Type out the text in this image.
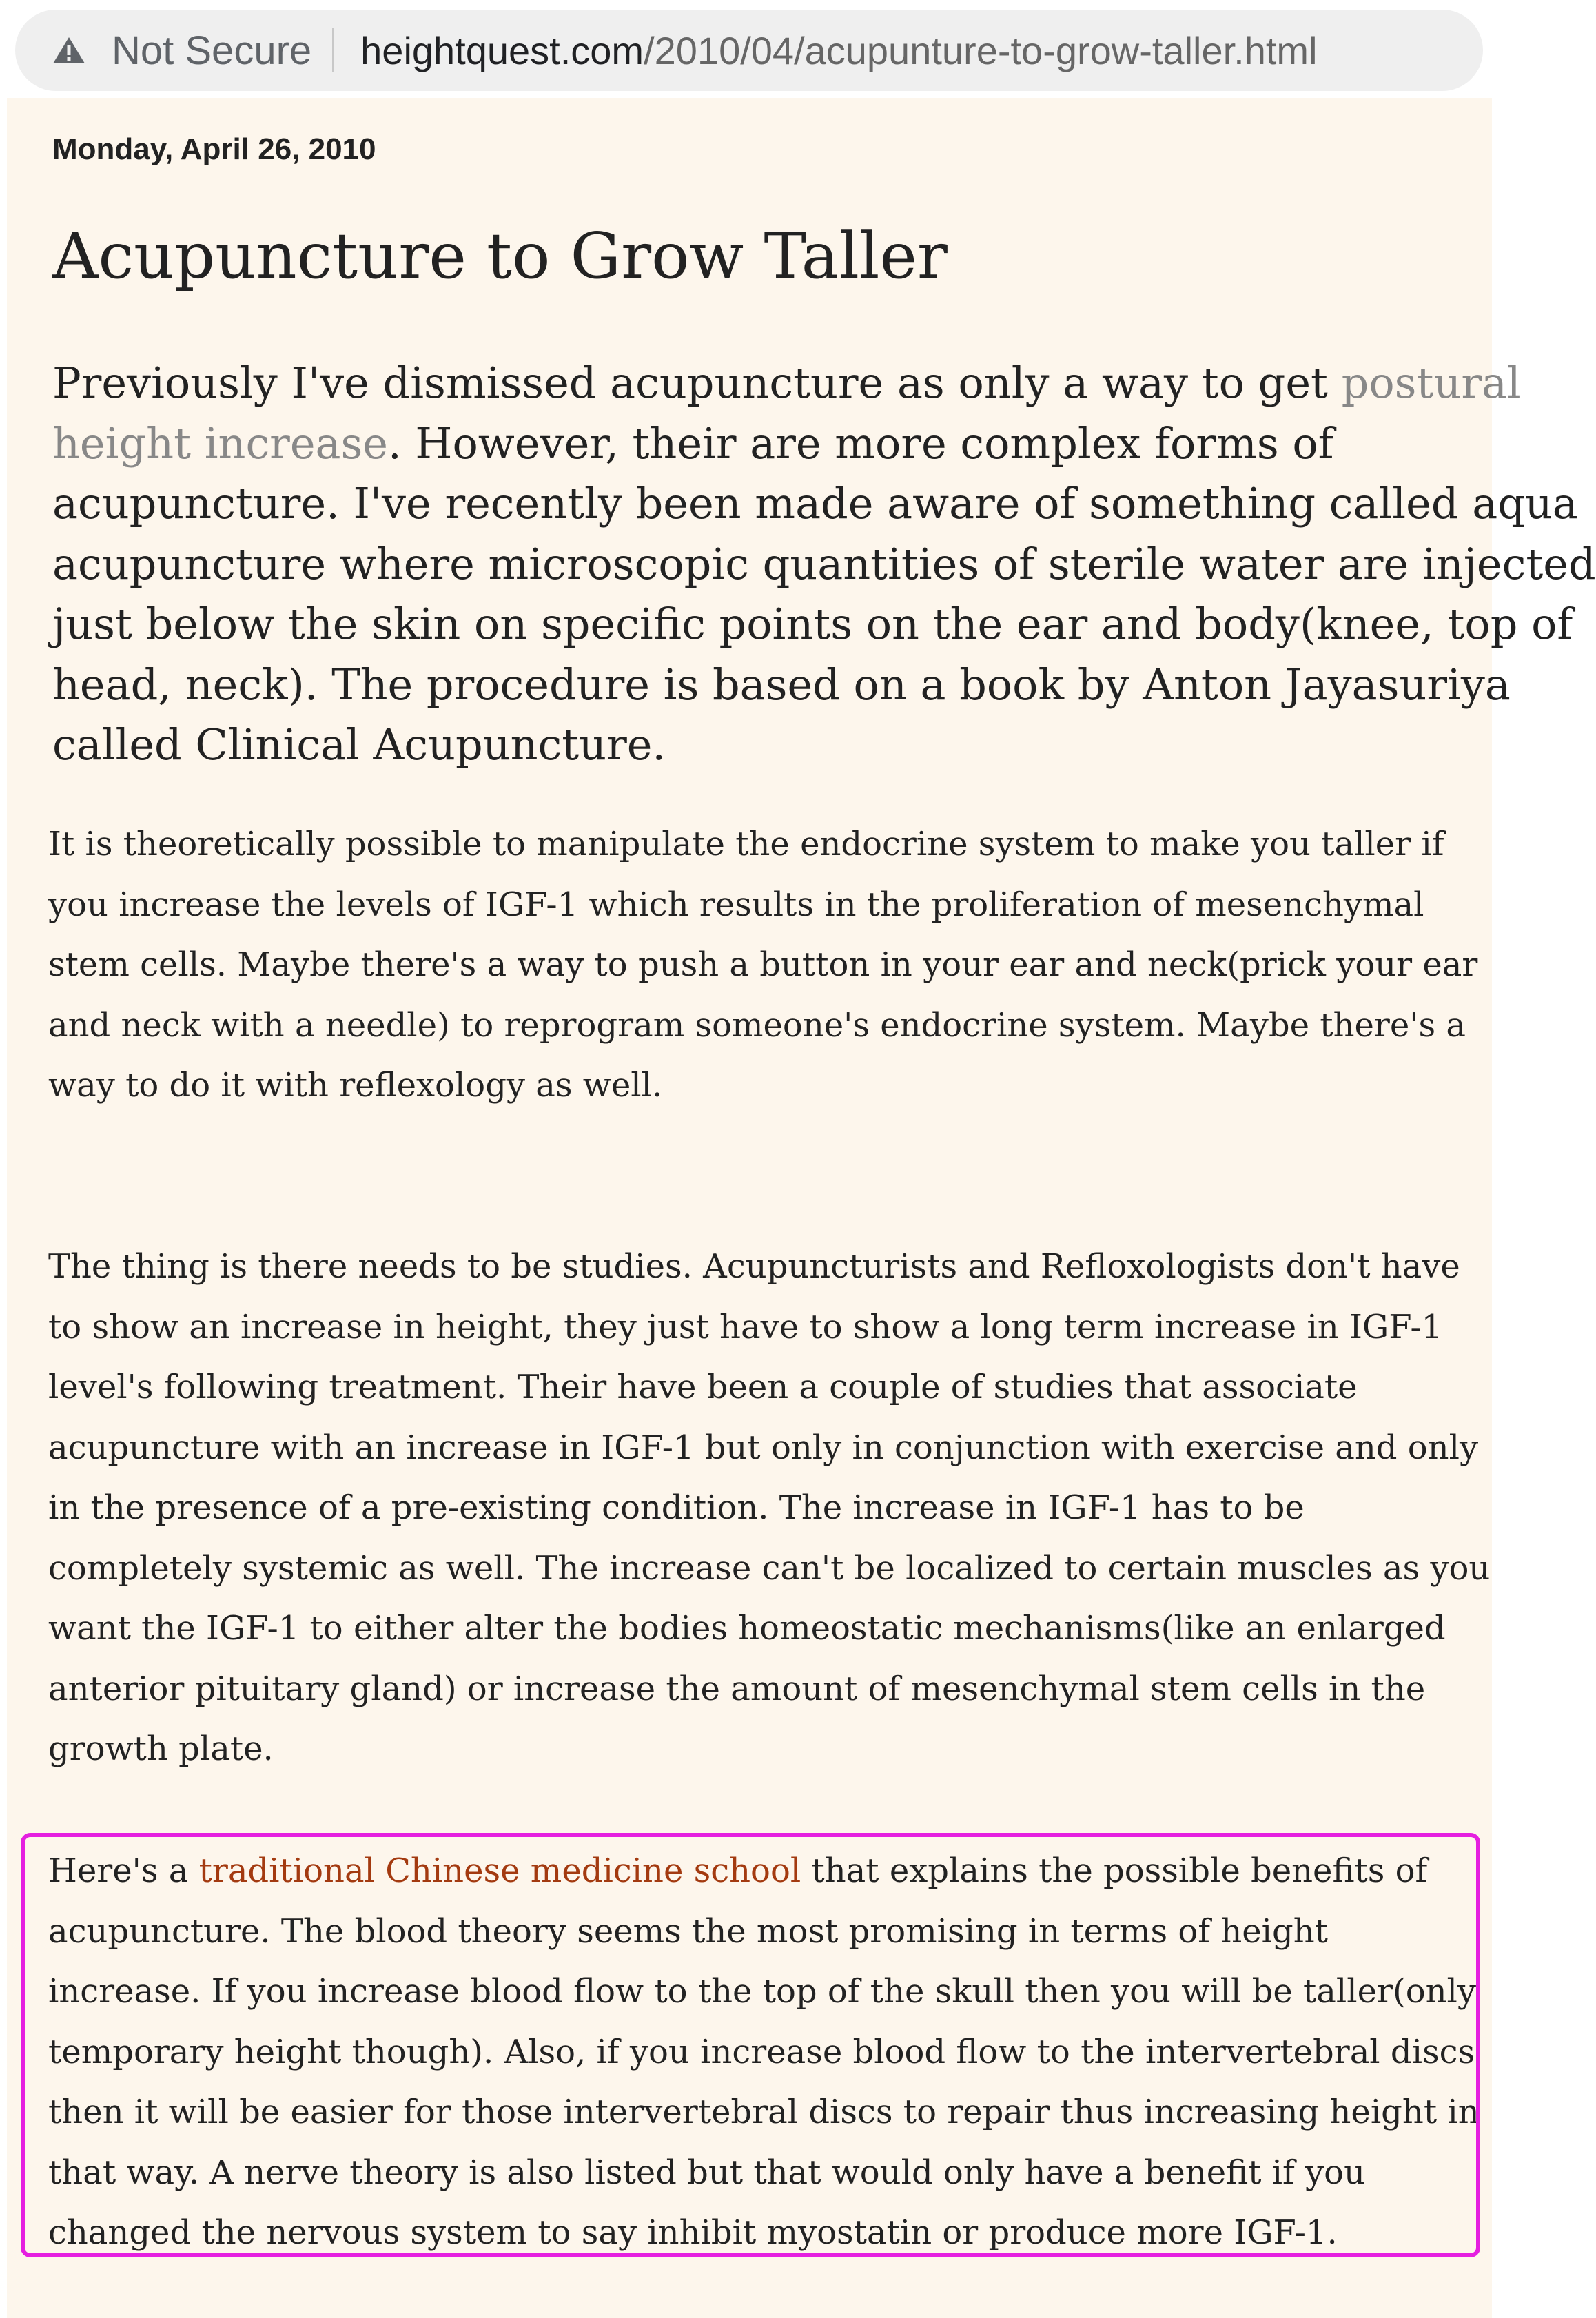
Not Secure heightquest.com/2010/04/acupunture-to-grow-taller.html
Monday, April 26, 2010
Acupuncture to Grow Taller
Previously I've dismissed acupuncture as only a way to get postural
height increase. However, their are more complex forms of
acupuncture. I've recently been made aware of something called aqua
acupuncture where microscopic quantities of sterile water are injected
just below the skin on specific points on the ear and body(knee, top of
head, neck). The procedure is based on a book by Anton Jayasuriya
called Clinical Acupuncture.
It is theoretically possible to manipulate the endocrine system to make you taller if
you increase the levels of IGF-1 which results in the proliferation of mesenchymal
stem cells. Maybe there's a way to push a button in your ear and neck(prick your ear
and neck with a needle) to reprogram someone's endocrine system. Maybe there's a
way to do it with reflexology as well.
The thing is there needs to be studies. Acupuncturists and Refloxologists don't have
to show an increase in height, they just have to show a long term increase in IGF-1
level's following treatment. Their have been a couple of studies that associate
acupuncture with an increase in IGF-1 but only in conjunction with exercise and only
in the presence of a pre-existing condition. The increase in IGF-1 has to be
completely systemic as well. The increase can't be localized to certain muscles as you
want the IGF-1 to either alter the bodies homeostatic mechanisms(like an enlarged
anterior pituitary gland) or increase the amount of mesenchymal stem cells in the
growth plate.
Here's a traditional Chinese medicine school that explains the possible benefits of
acupuncture. The blood theory seems the most promising in terms of height
increase. If you increase blood flow to the top of the skull then you will be taller(only
temporary height though). Also, if you increase blood flow to the intervertebral discs
then it will be easier for those intervertebral discs to repair thus increasing height in
that way. A nerve theory is also listed but that would only have a benefit if you
changed the nervous system to say inhibit myostatin or produce more IGF-1.
